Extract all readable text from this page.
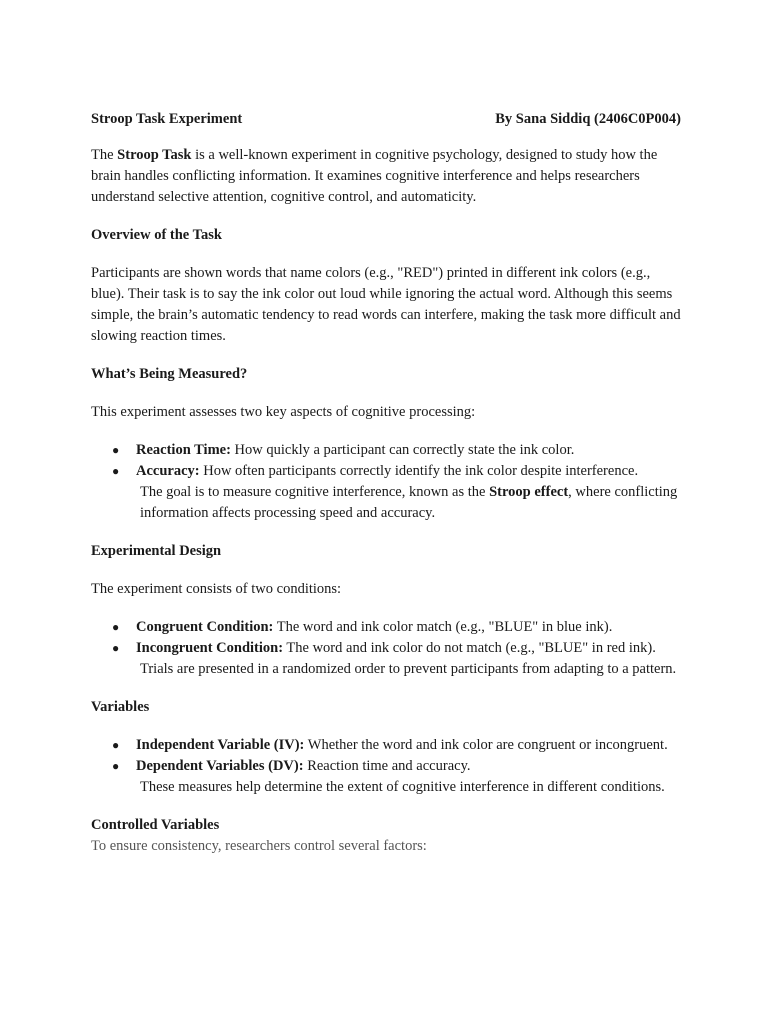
Stroop Task Experiment	By Sana Siddiq (2406C0P004)

The Stroop Task is a well-known experiment in cognitive psychology, designed to study how the brain handles conflicting information. It examines cognitive interference and helps researchers understand selective attention, cognitive control, and automaticity.

Overview of the Task

Participants are shown words that name colors (e.g., "RED") printed in different ink colors (e.g., blue). Their task is to say the ink color out loud while ignoring the actual word. Although this seems simple, the brain’s automatic tendency to read words can interfere, making the task more difficult and slowing reaction times.

What’s Being Measured?

This experiment assesses two key aspects of cognitive processing:

● Reaction Time: How quickly a participant can correctly state the ink color.
● Accuracy: How often participants correctly identify the ink color despite interference.
The goal is to measure cognitive interference, known as the Stroop effect, where conflicting information affects processing speed and accuracy.
Experimental Design

The experiment consists of two conditions:

● Congruent Condition: The word and ink color match (e.g., "BLUE" in blue ink).
● Incongruent Condition: The word and ink color do not match (e.g., "BLUE" in red ink).
Trials are presented in a randomized order to prevent participants from adapting to a pattern.
Variables
● Independent Variable (IV): Whether the word and ink color are congruent or incongruent.
● Dependent Variables (DV): Reaction time and accuracy.
These measures help determine the extent of cognitive interference in different conditions.
Controlled Variables

To ensure consistency, researchers control several factors:
